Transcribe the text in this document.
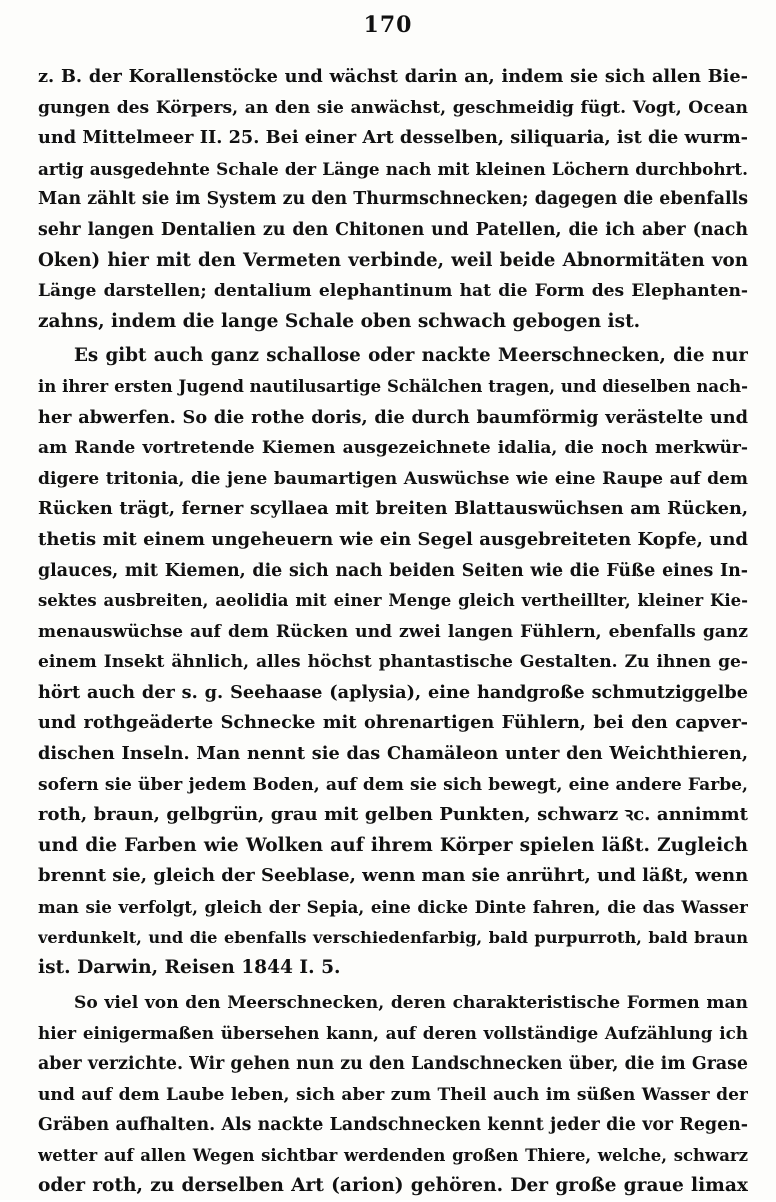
170
z. B. der Korallenstöcke und wächst darin an, indem sie sich allen Bie-
gungen des Körpers, an den sie anwächst, geschmeidig fügt. Vogt, Ocean
und Mittelmeer II. 25. Bei einer Art desselben, siliquaria, ist die wurm-
artig ausgedehnte Schale der Länge nach mit kleinen Löchern durchbohrt.
Man zählt sie im System zu den Thurmschnecken; dagegen die ebenfalls
sehr langen Dentalien zu den Chitonen und Patellen, die ich aber (nach
Oken) hier mit den Vermeten verbinde, weil beide Abnormitäten von
Länge darstellen; dentalium elephantinum hat die Form des Elephanten-
zahns, indem die lange Schale oben schwach gebogen ist.
Es gibt auch ganz schallose oder nackte Meerschnecken, die nur
in ihrer ersten Jugend nautilusartige Schälchen tragen, und dieselben nach-
her abwerfen. So die rothe doris, die durch baumförmig verästelte und
am Rande vortretende Kiemen ausgezeichnete idalia, die noch merkwür-
digere tritonia, die jene baumartigen Auswüchse wie eine Raupe auf dem
Rücken trägt, ferner scyllaea mit breiten Blattauswüchsen am Rücken,
thetis mit einem ungeheuern wie ein Segel ausgebreiteten Kopfe, und
glauces, mit Kiemen, die sich nach beiden Seiten wie die Füße eines In-
sektes ausbreiten, aeolidia mit einer Menge gleich vertheillter, kleiner Kie-
menauswüchse auf dem Rücken und zwei langen Fühlern, ebenfalls ganz
einem Insekt ähnlich, alles höchst phantastische Gestalten. Zu ihnen ge-
hört auch der s. g. Seehaase (aplysia), eine handgroße schmutziggelbe
und rothgeäderte Schnecke mit ohrenartigen Fühlern, bei den capver-
dischen Inseln. Man nennt sie das Chamäleon unter den Weichthieren,
sofern sie über jedem Boden, auf dem sie sich bewegt, eine andere Farbe,
roth, braun, gelbgrün, grau mit gelben Punkten, schwarz ꝛc. annimmt
und die Farben wie Wolken auf ihrem Körper spielen läßt. Zugleich
brennt sie, gleich der Seeblase, wenn man sie anrührt, und läßt, wenn
man sie verfolgt, gleich der Sepia, eine dicke Dinte fahren, die das Wasser
verdunkelt, und die ebenfalls verschiedenfarbig, bald purpurroth, bald braun
ist. Darwin, Reisen 1844 I. 5.
So viel von den Meerschnecken, deren charakteristische Formen man
hier einigermaßen übersehen kann, auf deren vollständige Aufzählung ich
aber verzichte. Wir gehen nun zu den Landschnecken über, die im Grase
und auf dem Laube leben, sich aber zum Theil auch im süßen Wasser der
Gräben aufhalten. Als nackte Landschnecken kennt jeder die vor Regen-
wetter auf allen Wegen sichtbar werdenden großen Thiere, welche, schwarz
oder roth, zu derselben Art (arion) gehören. Der große graue limax
